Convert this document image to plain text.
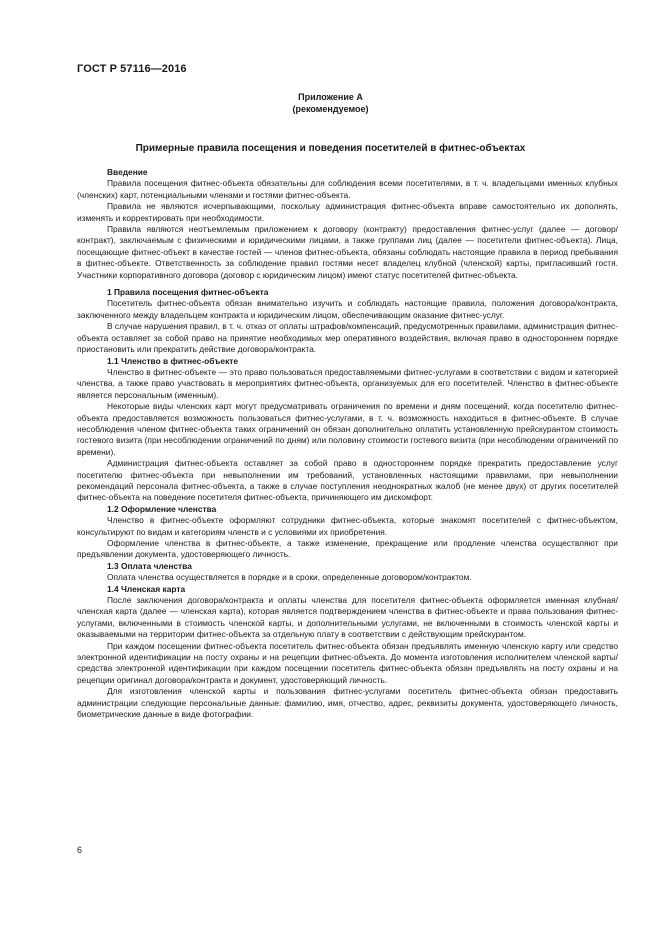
ГОСТ Р 57116—2016
Приложение А
(рекомендуемое)
Примерные правила посещения и поведения посетителей в фитнес-объектах
Введение

Правила посещения фитнес-объекта обязательны для соблюдения всеми посетителями, в т. ч. владельцами именных клубных (членских) карт, потенциальными членами и гостями фитнес-объекта.

Правила не являются исчерпывающими, поскольку администрация фитнес-объекта вправе самостоятельно их дополнять, изменять и корректировать при необходимости.

Правила являются неотъемлемым приложением к договору (контракту) предоставления фитнес-услуг (далее — договор/контракт), заключаемым с физическими и юридическими лицами, а также группами лиц (далее — посетители фитнес-объекта). Лица, посещающие фитнес-объект в качестве гостей — членов фитнес-объекта, обязаны соблюдать настоящие правила в период пребывания в фитнес-объекте. Ответственность за соблюдение правил гостями несет владелец клубной (членской) карты, пригласивший гостя. Участники корпоративного договора (договор с юридическим лицом) имеют статус посетителей фитнес-объекта.

1 Правила посещения фитнес-объекта

Посетитель фитнес-объекта обязан внимательно изучить и соблюдать настоящие правила, положения договора/контракта, заключенного между владельцем контракта и юридическим лицом, обеспечивающим оказание фитнес-услуг.

В случае нарушения правил, в т. ч. отказ от оплаты штрафов/компенсаций, предусмотренных правилами, администрация фитнес-объекта оставляет за собой право на принятие необходимых мер оперативного воздействия, включая право в одностороннем порядке приостановить или прекратить действие договора/контракта.

1.1 Членство в фитнес-объекте

Членство в фитнес-объекте — это право пользоваться предоставляемыми фитнес-услугами в соответствии с видом и категорией членства, а также право участвовать в мероприятиях фитнес-объекта, организуемых для его посетителей. Членство в фитнес-объекте является персональным (именным).

Некоторые виды членских карт могут предусматривать ограничения по времени и дням посещений, когда посетителю фитнес-объекта предоставляется возможность пользоваться фитнес-услугами, в т. ч. возможность находиться в фитнес-объекте. В случае несоблюдения членом фитнес-объекта таких ограничений он обязан дополнительно оплатить установленную прейскурантом стоимость гостевого визита (при несоблюдении ограничений по дням) или половину стоимости гостевого визита (при несоблюдении ограничений по времени).

Администрация фитнес-объекта оставляет за собой право в одностороннем порядке прекратить предоставление услуг посетителю фитнес-объекта при невыполнении им требований, установленных настоящими правилами, при невыполнении рекомендаций персонала фитнес-объекта, а также в случае поступления неоднократных жалоб (не менее двух) от других посетителей фитнес-объекта на поведение посетителя фитнес-объекта, причиняющего им дискомфорт.

1.2 Оформление членства

Членство в фитнес-объекте оформляют сотрудники фитнес-объекта, которые знакомят посетителей с фитнес-объектом, консультируют по видам и категориям членств и с условиями их приобретения.

Оформление членства в фитнес-объекте, а также изменение, прекращение или продление членства осуществляют при предъявлении документа, удостоверяющего личность.

1.3 Оплата членства

Оплата членства осуществляется в порядке и в сроки, определенные договором/контрактом.

1.4 Членская карта

После заключения договора/контракта и оплаты членства для посетителя фитнес-объекта оформляется именная клубная/членская карта (далее — членская карта), которая является подтверждением членства в фитнес-объекте и права пользования фитнес-услугами, включенными в стоимость членской карты, и дополнительными услугами, не включенными в стоимость членской карты и оказываемыми на территории фитнес-объекта за отдельную плату в соответствии с действующим прейскурантом.

При каждом посещении фитнес-объекта посетитель фитнес-объекта обязан предъявлять именную членскую карту или средство электронной идентификации на посту охраны и на рецепции фитнес-объекта. До момента изготовления исполнителем членской карты/средства электронной идентификации при каждом посещении посетитель фитнес-объекта обязан предъявлять на посту охраны и на рецепции оригинал договора/контракта и документ, удостоверяющий личность.

Для изготовления членской карты и пользования фитнес-услугами посетитель фитнес-объекта обязан предоставить администрации следующие персональные данные: фамилию, имя, отчество, адрес, реквизиты документа, удостоверяющего личность, биометрические данные в виде фотографии.

6
